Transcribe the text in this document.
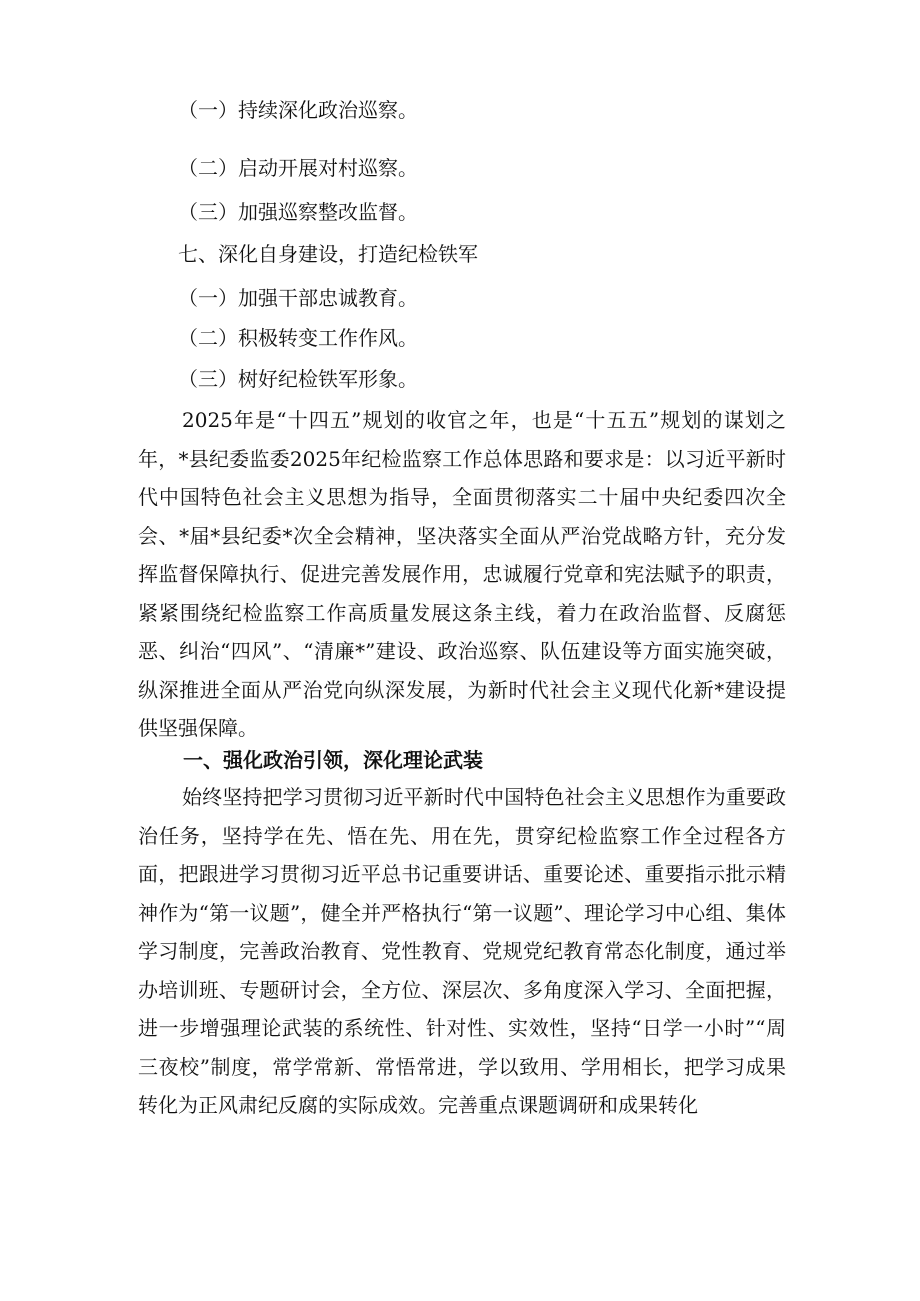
（一）持续深化政治巡察。
（二）启动开展对村巡察。
（三）加强巡察整改监督。
七、深化自身建设，打造纪检铁军
（一）加强干部忠诚教育。
（二）积极转变工作作风。
（三）树好纪检铁军形象。
2025年是“十四五”规划的收官之年，也是“十五五”规划的谋划之年，*县纪委监委2025年纪检监察工作总体思路和要求是：以习近平新时代中国特色社会主义思想为指导，全面贯彻落实二十届中央纪委四次全会、*届*县纪委*次全会精神，坚决落实全面从严治党战略方针，充分发挥监督保障执行、促进完善发展作用，忠诚履行党章和宪法赋予的职责，紧紧围绕纪检监察工作高质量发展这条主线，着力在政治监督、反腐惩恶、纠治“四风”、“清廉*”建设、政治巡察、队伍建设等方面实施突破，纵深推进全面从严治党向纵深发展，为新时代社会主义现代化新*建设提供坚强保障。
一、强化政治引领，深化理论武装
始终坚持把学习贯彻习近平新时代中国特色社会主义思想作为重要政治任务，坚持学在先、悟在先、用在先，贯穿纪检监察工作全过程各方面，把跟进学习贯彻习近平总书记重要讲话、重要论述、重要指示批示精神作为“第一议题”，健全并严格执行“第一议题”、理论学习中心组、集体学习制度，完善政治教育、党性教育、党规党纪教育常态化制度，通过举办培训班、专题研讨会，全方位、深层次、多角度深入学习、全面把握，进一步增强理论武装的系统性、针对性、实效性，坚持“日学一小时”“周三夜校”制度，常学常新、常悟常进，学以致用、学用相长，把学习成果转化为正风肃纪反腐的实际成效。完善重点课题调研和成果转化
